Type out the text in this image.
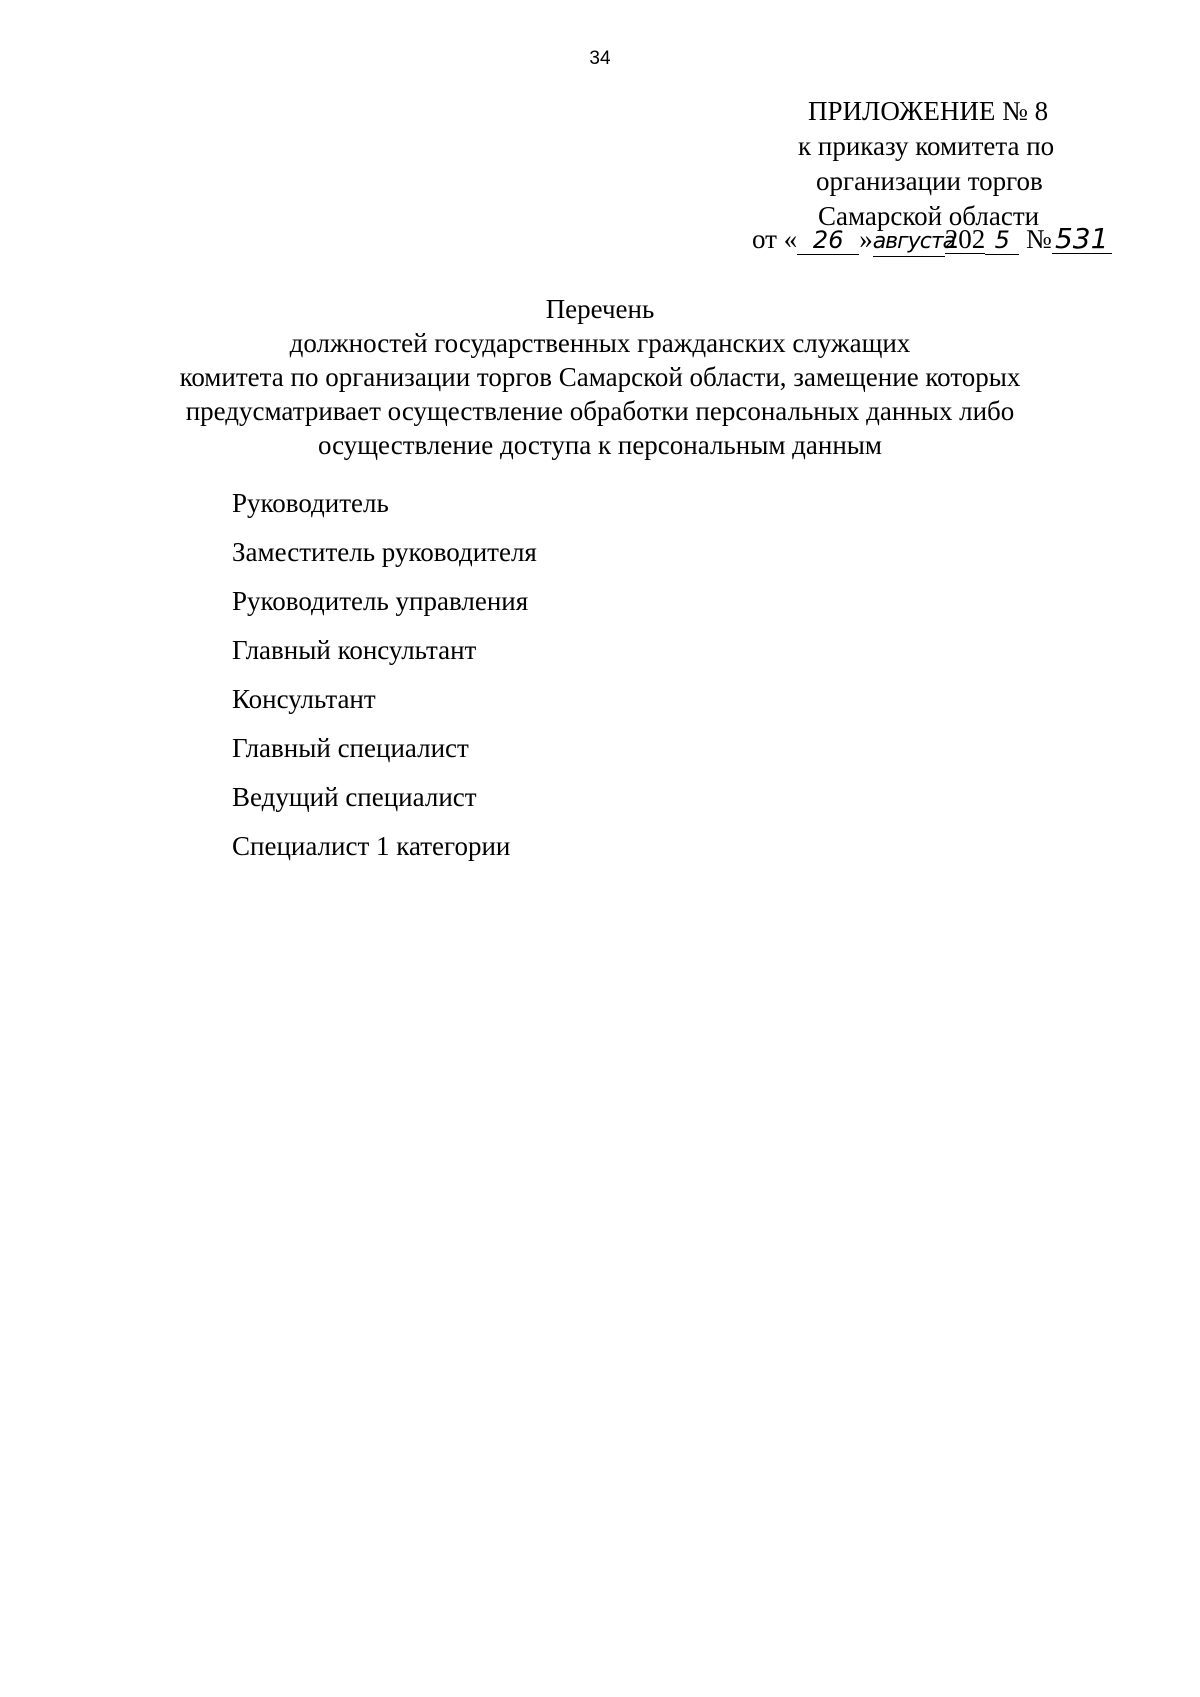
34
ПРИЛОЖЕНИЕ № 8
к приказу комитета по
организации торгов
Самарской области
от « 26 »августа202 5 № 531
Перечень
должностей государственных гражданских служащих
комитета по организации торгов Самарской области, замещение которых
предусматривает осуществление обработки персональных данных либо
осуществление доступа к персональным данным
Руководитель
Заместитель руководителя
Руководитель управления
Главный консультант
Консультант
Главный специалист
Ведущий специалист
Специалист 1 категории
